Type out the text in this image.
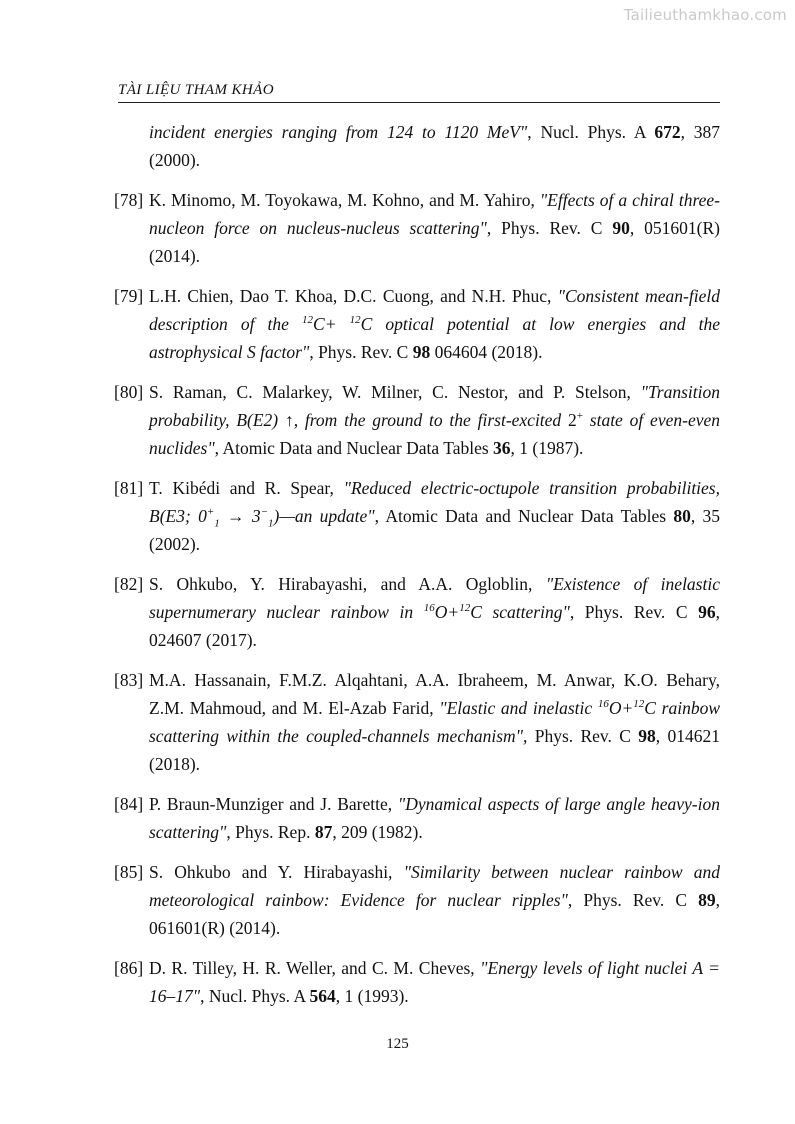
Tailieuthamkhao.com
TÀI LIỆU THAM KHẢO
incident energies ranging from 124 to 1120 MeV", Nucl. Phys. A 672, 387 (2000).
[78] K. Minomo, M. Toyokawa, M. Kohno, and M. Yahiro, "Effects of a chiral three-nucleon force on nucleus-nucleus scattering", Phys. Rev. C 90, 051601(R) (2014).
[79] L.H. Chien, Dao T. Khoa, D.C. Cuong, and N.H. Phuc, "Consistent mean-field description of the $^{12}$C+ $^{12}$C optical potential at low energies and the astrophysical S factor", Phys. Rev. C 98 064604 (2018).
[80] S. Raman, C. Malarkey, W. Milner, C. Nestor, and P. Stelson, "Transition probability, B(E2) ↑, from the ground to the first-excited 2+ state of even-even nuclides", Atomic Data and Nuclear Data Tables 36, 1 (1987).
[81] T. Kibédi and R. Spear, "Reduced electric-octupole transition probabilities, B(E3; $0^+_1$ → $3^-_1)—an$ update", Atomic Data and Nuclear Data Tables 80, 35 (2002).
[82] S. Ohkubo, Y. Hirabayashi, and A.A. Ogloblin, "Existence of inelastic supernumerary nuclear rainbow in $^{16}$O+$^{12}$C scattering", Phys. Rev. C 96, 024607 (2017).
[83] M.A. Hassanain, F.M.Z. Alqahtani, A.A. Ibraheem, M. Anwar, K.O. Behary, Z.M. Mahmoud, and M. El-Azab Farid, "Elastic and inelastic $^{16}$O+$^{12}$C rainbow scattering within the coupled-channels mechanism", Phys. Rev. C 98, 014621 (2018).
[84] P. Braun-Munziger and J. Barette, "Dynamical aspects of large angle heavy-ion scattering", Phys. Rep. 87, 209 (1982).
[85] S. Ohkubo and Y. Hirabayashi, "Similarity between nuclear rainbow and meteorological rainbow: Evidence for nuclear ripples", Phys. Rev. C 89, 061601(R) (2014).
[86] D. R. Tilley, H. R. Weller, and C. M. Cheves, "Energy levels of light nuclei A = 16–17", Nucl. Phys. A 564, 1 (1993).
125
